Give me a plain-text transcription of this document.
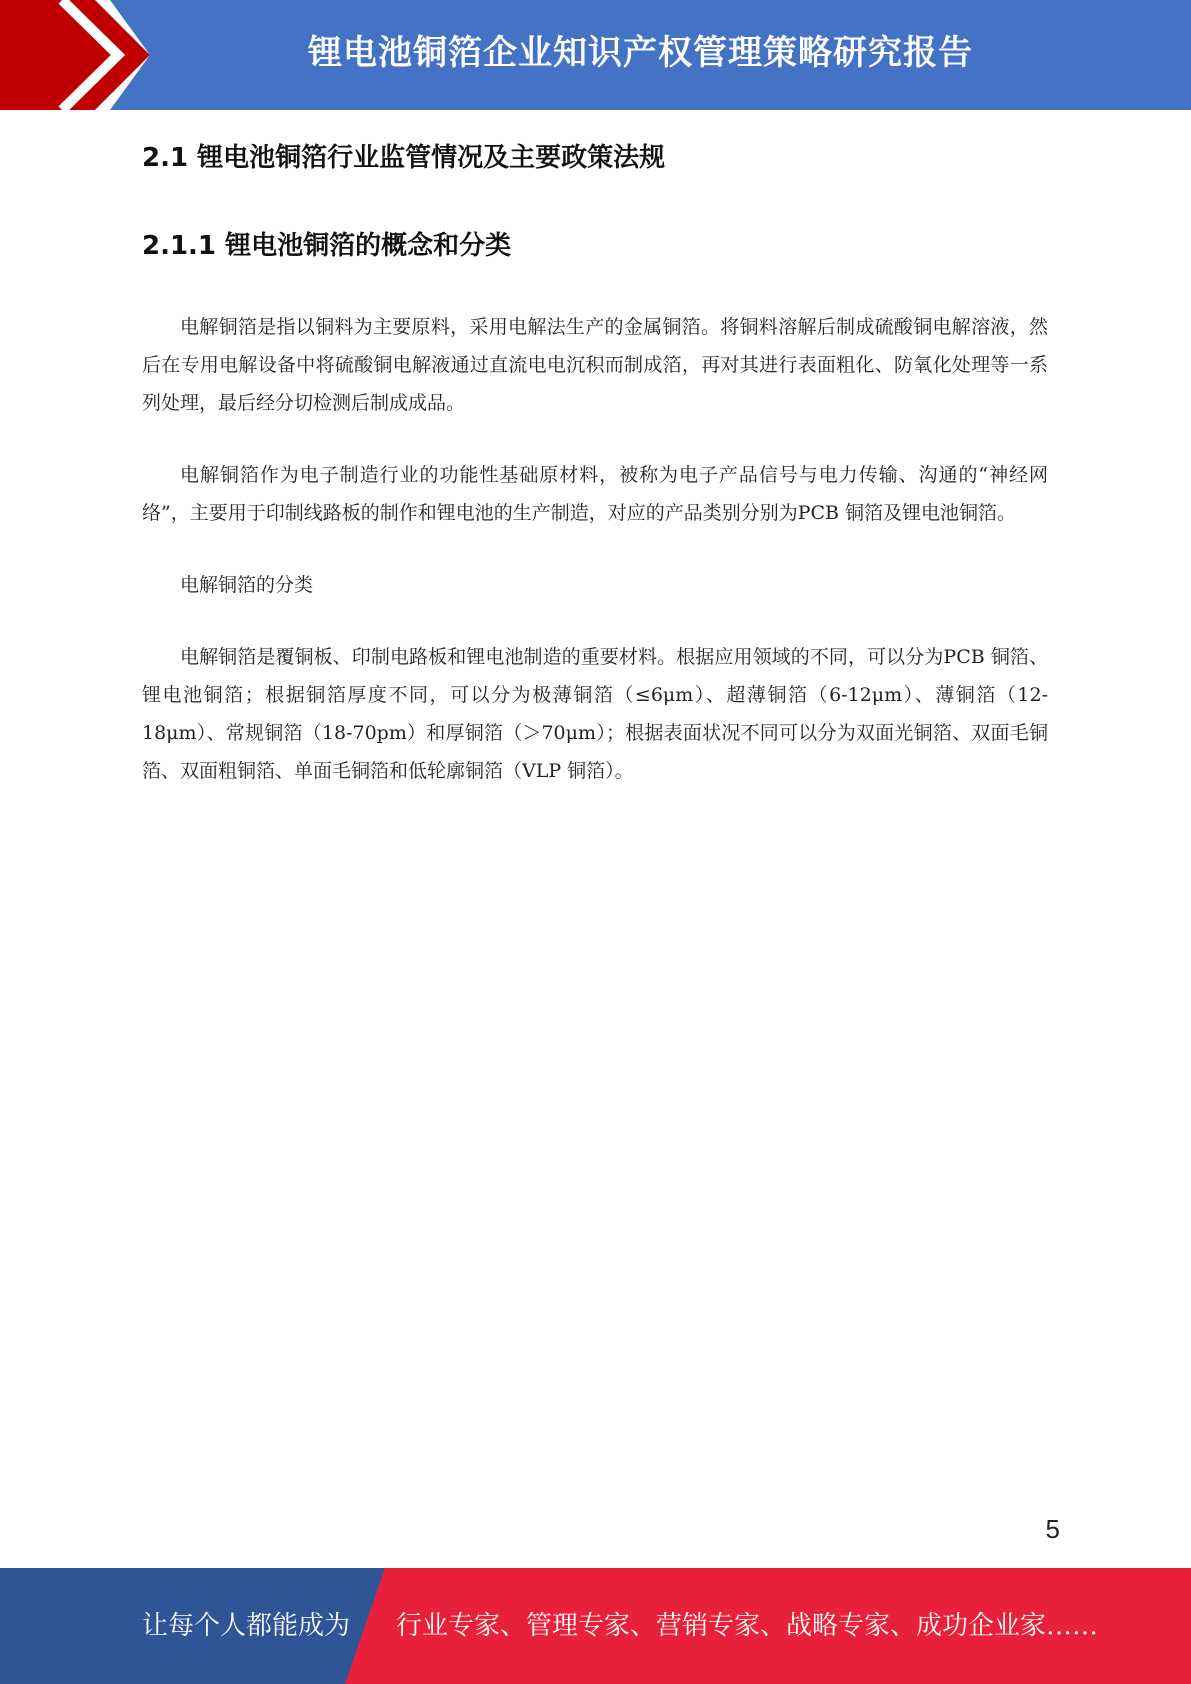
锂电池铜箔企业知识产权管理策略研究报告
2.1 锂电池铜箔行业监管情况及主要政策法规
2.1.1 锂电池铜箔的概念和分类

电解铜箔是指以铜料为主要原料，采用电解法生产的金属铜箔。将铜料溶解后制成硫酸铜电解溶液，然后在专用电解设备中将硫酸铜电解液通过直流电电沉积而制成箔，再对其进行表面粗化、防氧化处理等一系列处理，最后经分切检测后制成成品。

电解铜箔作为电子制造行业的功能性基础原材料，被称为电子产品信号与电力传输、沟通的“神经网络”，主要用于印制线路板的制作和锂电池的生产制造，对应的产品类别分别为PCB 铜箔及锂电池铜箔。

电解铜箔的分类

电解铜箔是覆铜板、印制电路板和锂电池制造的重要材料。根据应用领域的不同，可以分为PCB 铜箔、锂电池铜箔；根据铜箔厚度不同，可以分为极薄铜箔（≤6μm）、超薄铜箔（6-12μm）、薄铜箔（12-18μm）、常规铜箔（18-70pm）和厚铜箔（＞70μm）；根据表面状况不同可以分为双面光铜箔、双面毛铜箔、双面粗铜箔、单面毛铜箔和低轮廓铜箔（VLP 铜箔）。

5
让每个人都能成为 行业专家、管理专家、营销专家、战略专家、成功企业家……
